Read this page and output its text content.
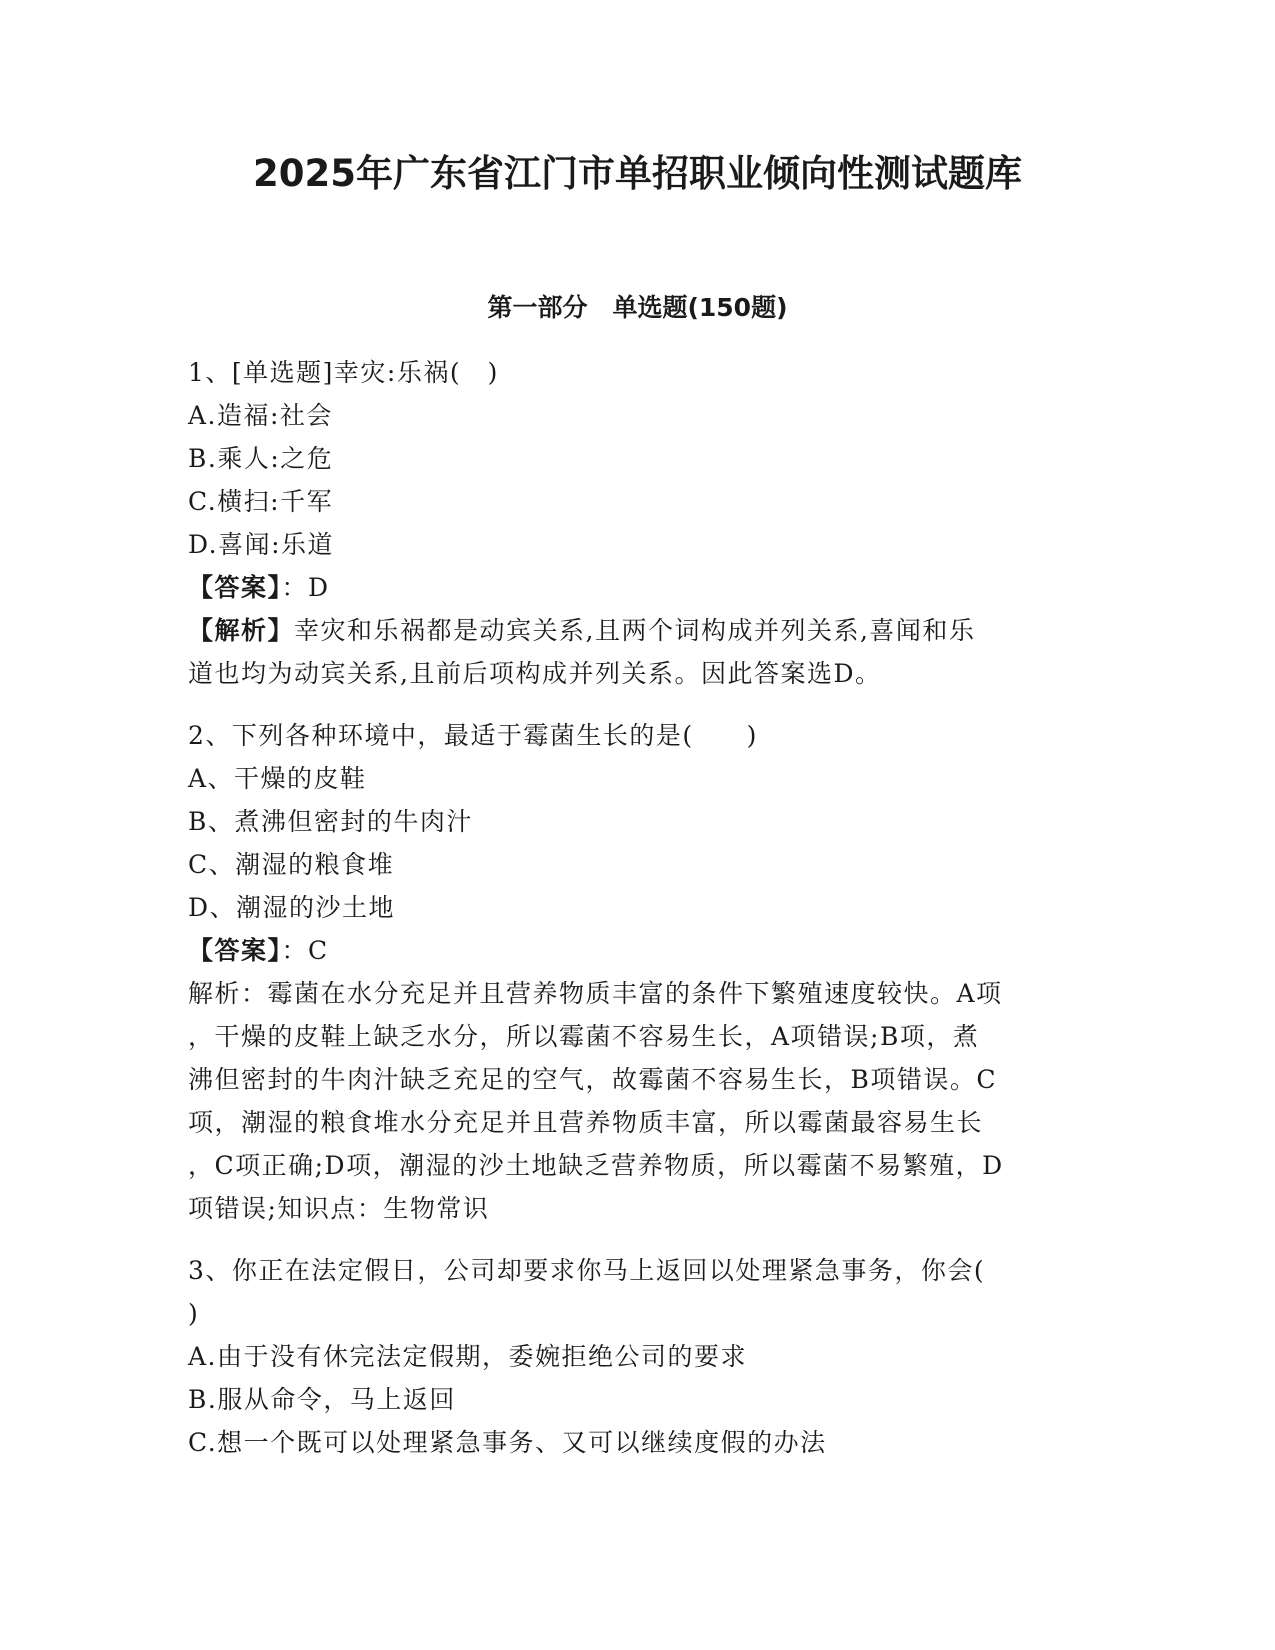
2025年广东省江门市单招职业倾向性测试题库
第一部分　单选题(150题)
1、[单选题]幸灾:乐祸(　)
A.造福:社会
B.乘人:之危
C.横扫:千军
D.喜闻:乐道
【答案】：D
【解析】幸灾和乐祸都是动宾关系,且两个词构成并列关系,喜闻和乐
道也均为动宾关系,且前后项构成并列关系。因此答案选D。
2、下列各种环境中，最适于霉菌生长的是(　　)
A、干燥的皮鞋
B、煮沸但密封的牛肉汁
C、潮湿的粮食堆
D、潮湿的沙土地
【答案】：C
解析：霉菌在水分充足并且营养物质丰富的条件下繁殖速度较快。A项
，干燥的皮鞋上缺乏水分，所以霉菌不容易生长，A项错误;B项，煮
沸但密封的牛肉汁缺乏充足的空气，故霉菌不容易生长，B项错误。C
项，潮湿的粮食堆水分充足并且营养物质丰富，所以霉菌最容易生长
，C项正确;D项，潮湿的沙土地缺乏营养物质，所以霉菌不易繁殖，D
项错误;知识点：生物常识
3、你正在法定假日，公司却要求你马上返回以处理紧急事务，你会(
)
A.由于没有休完法定假期，委婉拒绝公司的要求
B.服从命令，马上返回
C.想一个既可以处理紧急事务、又可以继续度假的办法
